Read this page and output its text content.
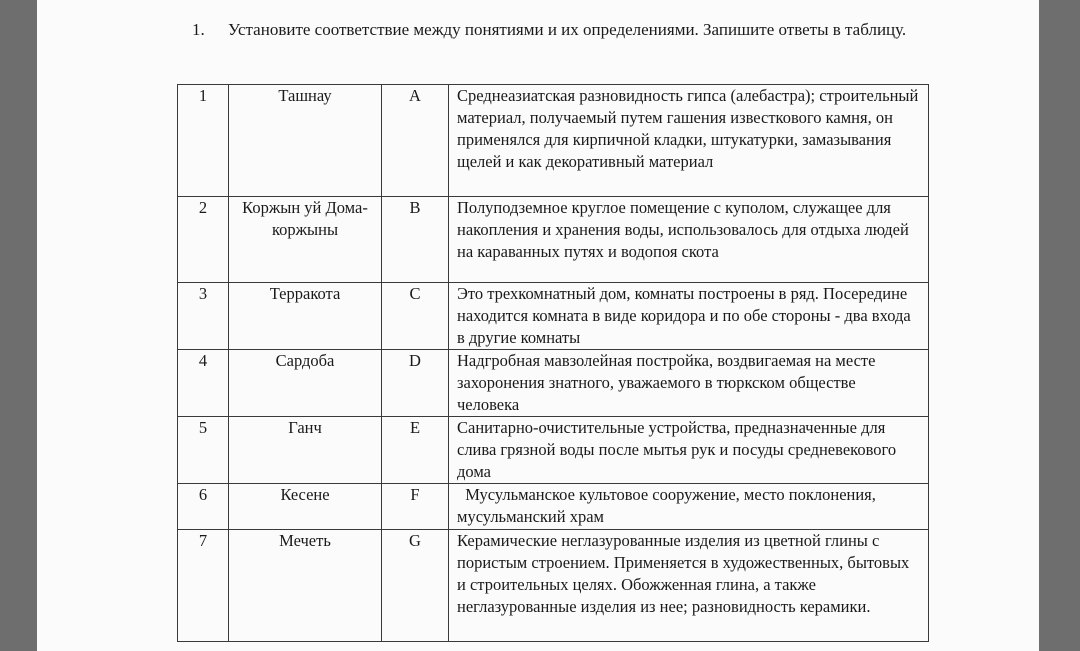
1. Установите соответствие между понятиями и их определениями. Запишите ответы в таблицу.
1	Ташнау	A	Среднеазиатская разновидность гипса (алебастра); строительный материал, получаемый путем гашения известкового камня, он применялся для кирпичной кладки, штукатурки, замазывания щелей и как декоративный материал

2	Коржын уй Дома-коржыны	B	Полуподземное круглое помещение с куполом, служащее для накопления и хранения воды, использовалось для отдыха людей на караванных путях и водопоя скота

3	Терракота	C	Это трехкомнатный дом, комнаты построены в ряд. Посередине находится комната в виде коридора и по обе стороны - два входа в другие комнаты

4	Сардоба	D	Надгробная мавзолейная постройка, воздвигаемая на месте захоронения знатного, уважаемого в тюркском обществе человека

5	Ганч	E	Санитарно-очистительные устройства, предназначенные для слива грязной воды после мытья рук и посуды средневекового дома

6	Кесене	F	Мусульманское культовое сооружение, место поклонения,  мусульманский храм

7	Мечеть	G	Керамические неглазурованные изделия из цветной глины с пористым строением. Применяется в художественных, бытовых и строительных целях. Обожженная глина, а также неглазурованные изделия из нее; разновидность керамики.
